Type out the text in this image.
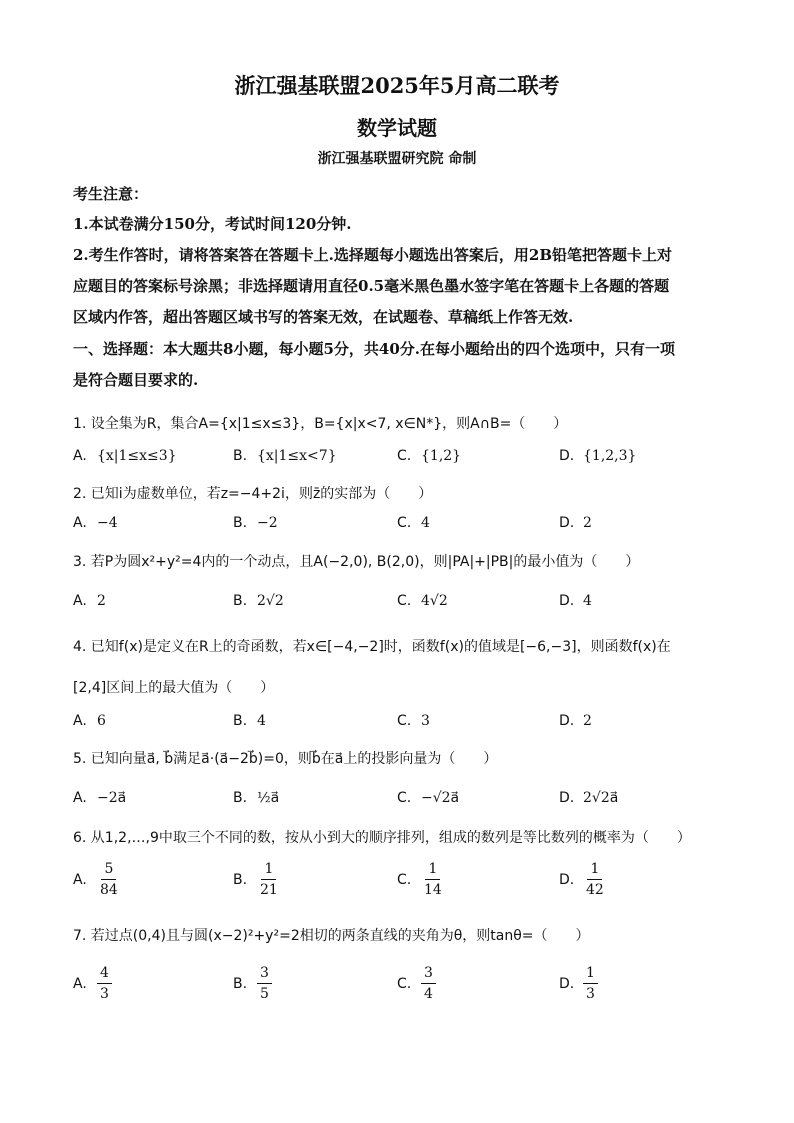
浙江强基联盟2025年5月高二联考
数学试题
浙江强基联盟研究院 命制
考生注意：
1.本试卷满分150分，考试时间120分钟.
2.考生作答时，请将答案答在答题卡上.选择题每小题选出答案后，用2B铅笔把答题卡上对
应题目的答案标号涂黑；非选择题请用直径0.5毫米黑色墨水签字笔在答题卡上各题的答题
区域内作答，超出答题区域书写的答案无效，在试题卷、草稿纸上作答无效.
一、选择题：本大题共8小题，每小题5分，共40分.在每小题给出的四个选项中，只有一项
是符合题目要求的.
1. 设全集为R，集合A={x|1≤x≤3}，B={x|x<7, x∈N*}，则A∩B=（　　）
A. {x|1≤x≤3}	B. {x|1≤x<7}	C. {1,2}	D. {1,2,3}
2. 已知i为虚数单位，若z=−4+2i，则z̄的实部为（　　）
A. −4	B. −2	C. 4	D. 2
3. 若P为圆x²+y²=4内的一个动点，且A(−2,0), B(2,0)，则|PA|+|PB|的最小值为（　　）
A. 2	B. 2√2	C. 4√2	D. 4
4. 已知f(x)是定义在R上的奇函数，若x∈[−4,−2]时，函数f(x)的值域是[−6,−3]，则函数f(x)在
[2,4]区间上的最大值为（　　）
A. 6	B. 4	C. 3	D. 2
5. 已知向量a⃗, b⃗满足a⃗·(a⃗−2b⃗)=0，则b⃗在a⃗上的投影向量为（　　）
A. −2a⃗	B. ½a⃗	C. −√2a⃗	D. 2√2a⃗
6. 从1,2,…,9中取三个不同的数，按从小到大的顺序排列，组成的数列是等比数列的概率为（　　）
A. $\frac{5}{84}$	B. $\frac{1}{21}$	C. $\frac{1}{14}$	D. $\frac{1}{42}$
7. 若过点(0,4)且与圆(x−2)²+y²=2相切的两条直线的夹角为θ，则tanθ=（　　）
A. $\frac{4}{3}$	B. $\frac{3}{5}$	C. $\frac{3}{4}$	D. $\frac{1}{3}$
